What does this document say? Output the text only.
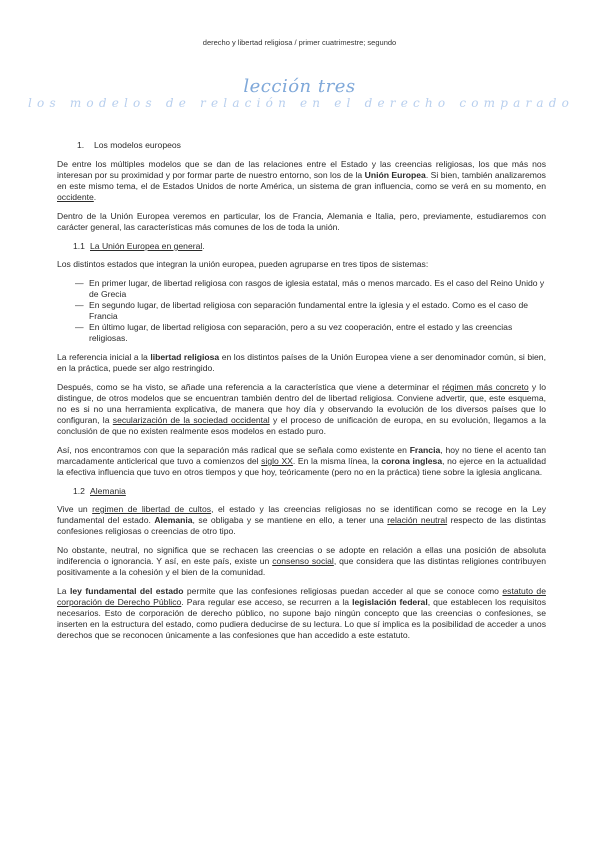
derecho y libertad religiosa / primer cuatrimestre; segundo
lección tres
los modelos de relación en el derecho comparado
1. Los modelos europeos

De entre los múltiples modelos que se dan de las relaciones entre el Estado y las creencias religiosas, los que más nos interesan por su proximidad y por formar parte de nuestro entorno, son los de la Unión Europea. Si bien, también analizaremos en este mismo tema, el de Estados Unidos de norte América, un sistema de gran influencia, como se verá en su momento, en occidente.

Dentro de la Unión Europea veremos en particular, los de Francia, Alemania e Italia, pero, previamente, estudiaremos con carácter general, las características más comunes de los de toda la unión.

1.1 La Unión Europea en general.

Los distintos estados que integran la unión europea, pueden agruparse en tres tipos de sistemas:

— En primer lugar, de libertad religiosa con rasgos de iglesia estatal, más o menos marcado. Es el caso del Reino Unido y de Grecia
— En segundo lugar, de libertad religiosa con separación fundamental entre la iglesia y el estado. Como es el caso de Francia
— En último lugar, de libertad religiosa con separación, pero a su vez cooperación, entre el estado y las creencias religiosas.

La referencia inicial a la libertad religiosa en los distintos países de la Unión Europea viene a ser denominador común, si bien, en la práctica, puede ser algo restringido.

Después, como se ha visto, se añade una referencia a la característica que viene a determinar el régimen más concreto y lo distingue, de otros modelos que se encuentran también dentro del de libertad religiosa. Conviene advertir, que, este esquema, no es si no una herramienta explicativa, de manera que hoy día y observando la evolución de los diversos países que lo configuran, la secularización de la sociedad occidental y el proceso de unificación de europa, en su evolución, llegamos a la conclusión de que no existen realmente esos modelos en estado puro.

Así, nos encontramos con que la separación más radical que se señala como existente en Francia, hoy no tiene el acento tan marcadamente anticlerical que tuvo a comienzos del siglo XX. En la misma línea, la corona inglesa, no ejerce en la actualidad la efectiva influencia que tuvo en otros tiempos y que hoy, teóricamente (pero no en la práctica) tiene sobre la iglesia anglicana.

1.2 Alemania

Vive un regimen de libertad de cultos, el estado y las creencias religiosas no se identifican como se recoge en la Ley fundamental del estado. Alemania, se obligaba y se mantiene en ello, a tener una relación neutral respecto de las distintas confesiones religiosas o creencias de otro tipo.

No obstante, neutral, no significa que se rechacen las creencias o se adopte en relación a ellas una posición de absoluta indiferencia o ignorancia. Y así, en este país, existe un consenso social, que considera que las distintas religiones contribuyen positivamente a la cohesión y el bien de la comunidad.

La ley fundamental del estado permite que las confesiones religiosas puedan acceder al que se conoce como estatuto de corporación de Derecho Público. Para regular ese acceso, se recurren a la legislación federal, que establecen los requisitos necesarios. Esto de corporación de derecho público, no supone bajo ningún concepto que las creencias o confesiones, se inserten en la estructura del estado, como pudiera deducirse de su lectura. Lo que sí implica es la posibilidad de acceder a unos derechos que se reconocen únicamente a las confesiones que han accedido a este estatuto.
